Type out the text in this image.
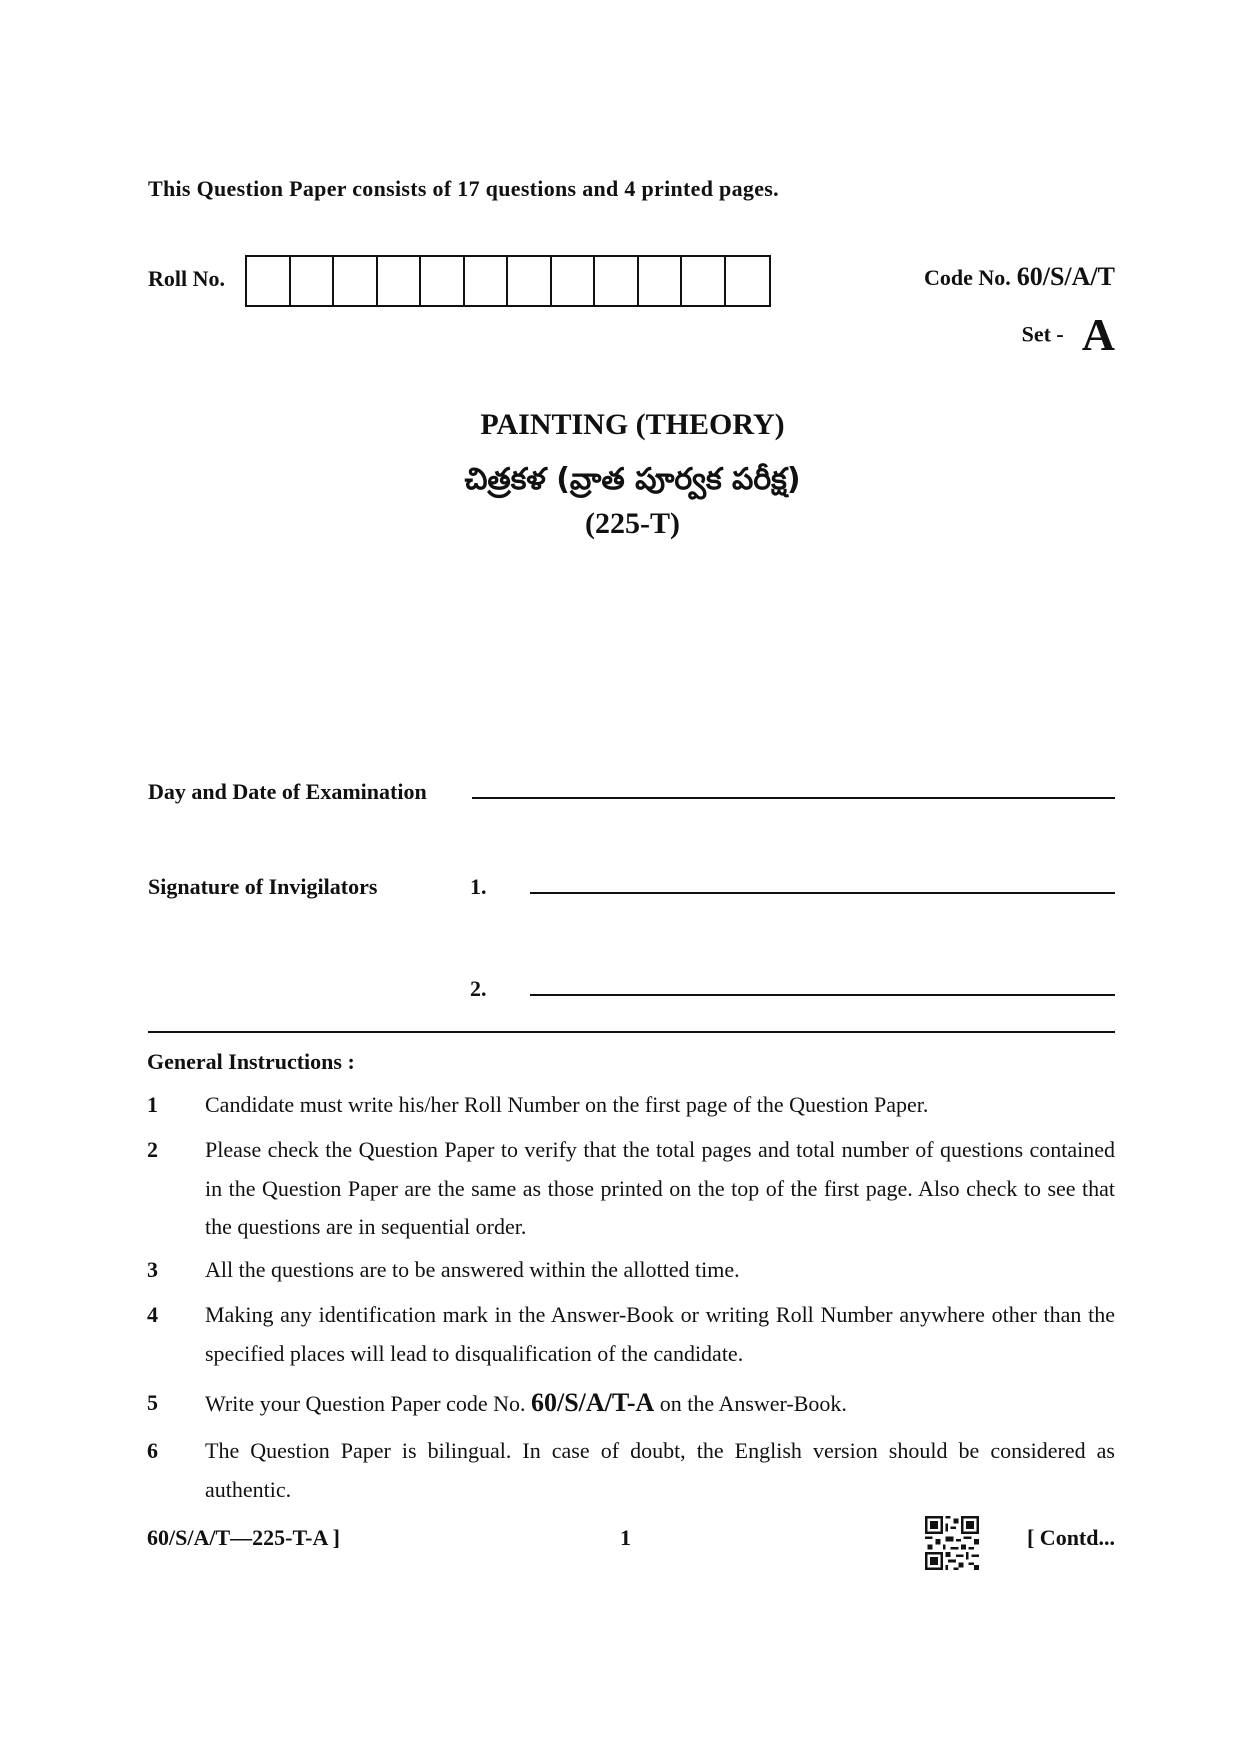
This Question Paper consists of 17 questions and 4 printed pages.
Roll No.	Code No. 60/S/A/T
Set - A
PAINTING (THEORY)
చిత్రకళ (వ్రాత పూర్వక పరీక్ష)
(225-T)
Day and Date of Examination
Signature of Invigilators	1.
2.
General Instructions :
1	Candidate must write his/her Roll Number on the first page of the Question Paper.
2	Please check the Question Paper to verify that the total pages and total number of questions contained in the Question Paper are the same as those printed on the top of the first page. Also check to see that the questions are in sequential order.
3	All the questions are to be answered within the allotted time.
4	Making any identification mark in the Answer-Book or writing Roll Number anywhere other than the specified places will lead to disqualification of the candidate.
5	Write your Question Paper code No. 60/S/A/T-A on the Answer-Book.
6	The Question Paper is bilingual. In case of doubt, the English version should be considered as authentic.
60/S/A/T—225-T-A ]	1	[ Contd...
